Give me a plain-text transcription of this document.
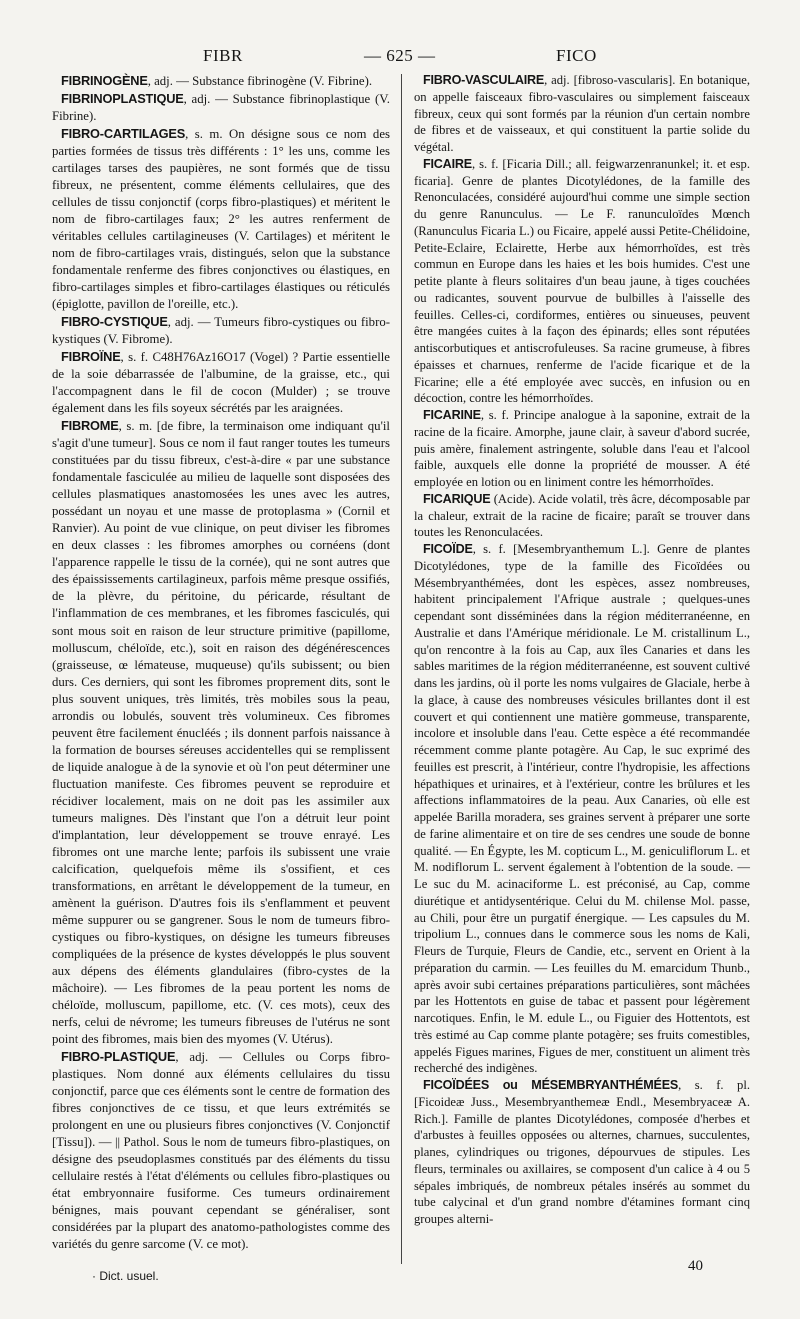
FIBR	— 625 —	FICO

FIBRINOGÈNE, adj. — Substance fibrinogène (V. Fibrine).

FIBRINOPLASTIQUE, adj. — Substance fibrinoplastique (V. Fibrine).

FIBRO-CARTILAGES, s. m. On désigne sous ce nom des parties formées de tissus très différents : 1° les uns, comme les cartilages tarses des paupières, ne sont formés que de tissu fibreux, ne présentent, comme éléments cellulaires, que des cellules de tissu conjonctif (corps fibro-plastiques) et méritent le nom de fibro-cartilages faux; 2° les autres renferment de véritables cellules cartilagineuses (V. Cartilages) et méritent le nom de fibro-cartilages vrais, distingués, selon que la substance fondamentale renferme des fibres conjonctives ou élastiques, en fibro-cartilages simples et fibro-cartilages élastiques ou réticulés (épiglotte, pavillon de l'oreille, etc.).

FIBRO-CYSTIQUE, adj. — Tumeurs fibro-cystiques ou fibro-kystiques (V. Fibrome).

FIBROÏNE, s. f. C48H76Az16O17 (Vogel) ? Partie essentielle de la soie débarrassée de l'albumine, de la graisse, etc., qui l'accompagnent dans le fil de cocon (Mulder) ; se trouve également dans les fils soyeux sécrétés par les araignées.

FIBROME, s. m. [de fibre, la terminaison ome indiquant qu'il s'agit d'une tumeur]. Sous ce nom il faut ranger toutes les tumeurs constituées par du tissu fibreux, c'est-à-dire « par une substance fondamentale fasciculée au milieu de laquelle sont disposées des cellules plasmatiques anastomosées les unes avec les autres, possédant un noyau et une masse de protoplasma » (Cornil et Ranvier). Au point de vue clinique, on peut diviser les fibromes en deux classes : les fibromes amorphes ou cornéens (dont l'apparence rappelle le tissu de la cornée), qui ne sont autres que des épaississements cartilagineux, parfois même presque ossifiés, de la plèvre, du péritoine, du péricarde, résultant de l'inflammation de ces membranes, et les fibromes fasciculés, qui sont mous soit en raison de leur structure primitive (papillome, molluscum, chéloïde, etc.), soit en raison des dégénérescences (graisseuse, œ lémateuse, muqueuse) qu'ils subissent; ou bien durs. Ces derniers, qui sont les fibromes proprement dits, sont le plus souvent uniques, très limités, très mobiles sous la peau, arrondis ou lobulés, souvent très volumineux. Ces fibromes peuvent être facilement énucléés ; ils donnent parfois naissance à la formation de bourses séreuses accidentelles qui se remplissent de liquide analogue à de la synovie et où l'on peut déterminer une fluctuation manifeste. Ces fibromes peuvent se reproduire et récidiver localement, mais on ne doit pas les assimiler aux tumeurs malignes. Dès l'instant que l'on a détruit leur point d'implantation, leur développement se trouve enrayé. Les fibromes ont une marche lente; parfois ils subissent une vraie calcification, quelquefois même ils s'ossifient, et ces transformations, en arrêtant le développement de la tumeur, en amènent la guérison. D'autres fois ils s'enflamment et peuvent même suppurer ou se gangrener. Sous le nom de tumeurs fibro-cystiques ou fibro-kystiques, on désigne les tumeurs fibreuses compliquées de la présence de kystes développés le plus souvent aux dépens des éléments glandulaires (fibro-cystes de la mâchoire). — Les fibromes de la peau portent les noms de chéloïde, molluscum, papillome, etc. (V. ces mots), ceux des nerfs, celui de névrome; les tumeurs fibreuses de l'utérus ne sont point des fibromes, mais bien des myomes (V. Utérus).

FIBRO-PLASTIQUE, adj. — Cellules ou Corps fibro-plastiques. Nom donné aux éléments cellulaires du tissu conjonctif, parce que ces éléments sont le centre de formation des fibres conjonctives de ce tissu, et que leurs extrémités se prolongent en une ou plusieurs fibres conjonctives (V. Conjonctif [Tissu]). — || Pathol. Sous le nom de tumeurs fibro-plastiques, on désigne des pseudoplasmes constitués par des éléments du tissu cellulaire restés à l'état d'éléments ou cellules fibro-plastiques ou état embryonnaire fusiforme. Ces tumeurs ordinairement bénignes, mais pouvant cependant se généraliser, sont considérées par la plupart des anatomo-pathologistes comme des variétés du genre sarcome (V. ce mot).

FIBRO-VASCULAIRE, adj. [fibroso-vascularis]. En botanique, on appelle faisceaux fibro-vasculaires ou simplement faisceaux fibreux, ceux qui sont formés par la réunion d'un certain nombre de fibres et de vaisseaux, et qui constituent la partie solide du végétal.

FICAIRE, s. f. [Ficaria Dill.; all. feigwarzenranunkel; it. et esp. ficaria]. Genre de plantes Dicotylédones, de la famille des Renonculacées, considéré aujourd'hui comme une simple section du genre Ranunculus. — Le F. ranunculoïdes Mœnch (Ranunculus Ficaria L.) ou Ficaire, appelé aussi Petite-Chélidoine, Petite-Eclaire, Eclairette, Herbe aux hémorrhoïdes, est très commun en Europe dans les haies et les bois humides. C'est une petite plante à fleurs solitaires d'un beau jaune, à tiges couchées ou radicantes, souvent pourvue de bulbilles à l'aisselle des feuilles. Celles-ci, cordiformes, entières ou sinueuses, peuvent être mangées cuites à la façon des épinards; elles sont réputées antiscorbutiques et antiscrofuleuses. Sa racine grumeuse, à fibres épaisses et charnues, renferme de l'acide ficarique et de la Ficarine; elle a été employée avec succès, en infusion ou en décoction, contre les hémorrhoïdes.

FICARINE, s. f. Principe analogue à la saponine, extrait de la racine de la ficaire. Amorphe, jaune clair, à saveur d'abord sucrée, puis amère, finalement astringente, soluble dans l'eau et l'alcool faible, auxquels elle donne la propriété de mousser. A été employée en lotion ou en liniment contre les hémorrhoïdes.

FICARIQUE (Acide). Acide volatil, très âcre, décomposable par la chaleur, extrait de la racine de ficaire; paraît se trouver dans toutes les Renonculacées.

FICOÏDE, s. f. [Mesembryanthemum L.]. Genre de plantes Dicotylédones, type de la famille des Ficoïdées ou Mésembryanthémées, dont les espèces, assez nombreuses, habitent principalement l'Afrique australe ; quelques-unes cependant sont disséminées dans la région méditerranéenne, en Australie et dans l'Amérique méridionale. Le M. cristallinum L., qu'on rencontre à la fois au Cap, aux îles Canaries et dans les sables maritimes de la région méditerranéenne, est souvent cultivé dans les jardins, où il porte les noms vulgaires de Glaciale, herbe à la glace, à cause des nombreuses vésicules brillantes dont il est couvert et qui contiennent une matière gommeuse, transparente, incolore et insoluble dans l'eau. Cette espèce a été recommandée récemment comme plante potagère. Au Cap, le suc exprimé des feuilles est prescrit, à l'intérieur, contre l'hydropisie, les affections hépathiques et urinaires, et à l'extérieur, contre les brûlures et les affections inflammatoires de la peau. Aux Canaries, où elle est appelée Barilla moradera, ses graines servent à préparer une sorte de farine alimentaire et on tire de ses cendres une soude de bonne qualité. — En Égypte, les M. copticum L., M. geniculiflorum L. et M. nodiflorum L. servent également à l'obtention de la soude. — Le suc du M. acinaciforme L. est préconisé, au Cap, comme diurétique et antidysentérique. Celui du M. chilense Mol. passe, au Chili, pour être un purgatif énergique. — Les capsules du M. tripolium L., connues dans le commerce sous les noms de Kali, Fleurs de Turquie, Fleurs de Candie, etc., servent en Orient à la préparation du carmin. — Les feuilles du M. emarcidum Thunb., après avoir subi certaines préparations particulières, sont mâchées par les Hottentots en guise de tabac et passent pour légèrement narcotiques. Enfin, le M. edule L., ou Figuier des Hottentots, est très estimé au Cap comme plante potagère; ses fruits comestibles, appelés Figues marines, Figues de mer, constituent un aliment très recherché des indigènes.

FICOÏDÉES ou MÉSEMBRYANTHÉMÉES, s. f. pl. [Ficoideæ Juss., Mesembryanthemeæ Endl., Mesembryaceæ A. Rich.]. Famille de plantes Dicotylédones, composée d'herbes et d'arbustes à feuilles opposées ou alternes, charnues, succulentes, planes, cylindriques ou trigones, dépourvues de stipules. Les fleurs, terminales ou axillaires, se composent d'un calice à 4 ou 5 sépales imbriqués, de nombreux pétales insérés au sommet du tube calycinal et d'un grand nombre d'étamines formant cinq groupes alterni-

· Dict. usuel.
40
